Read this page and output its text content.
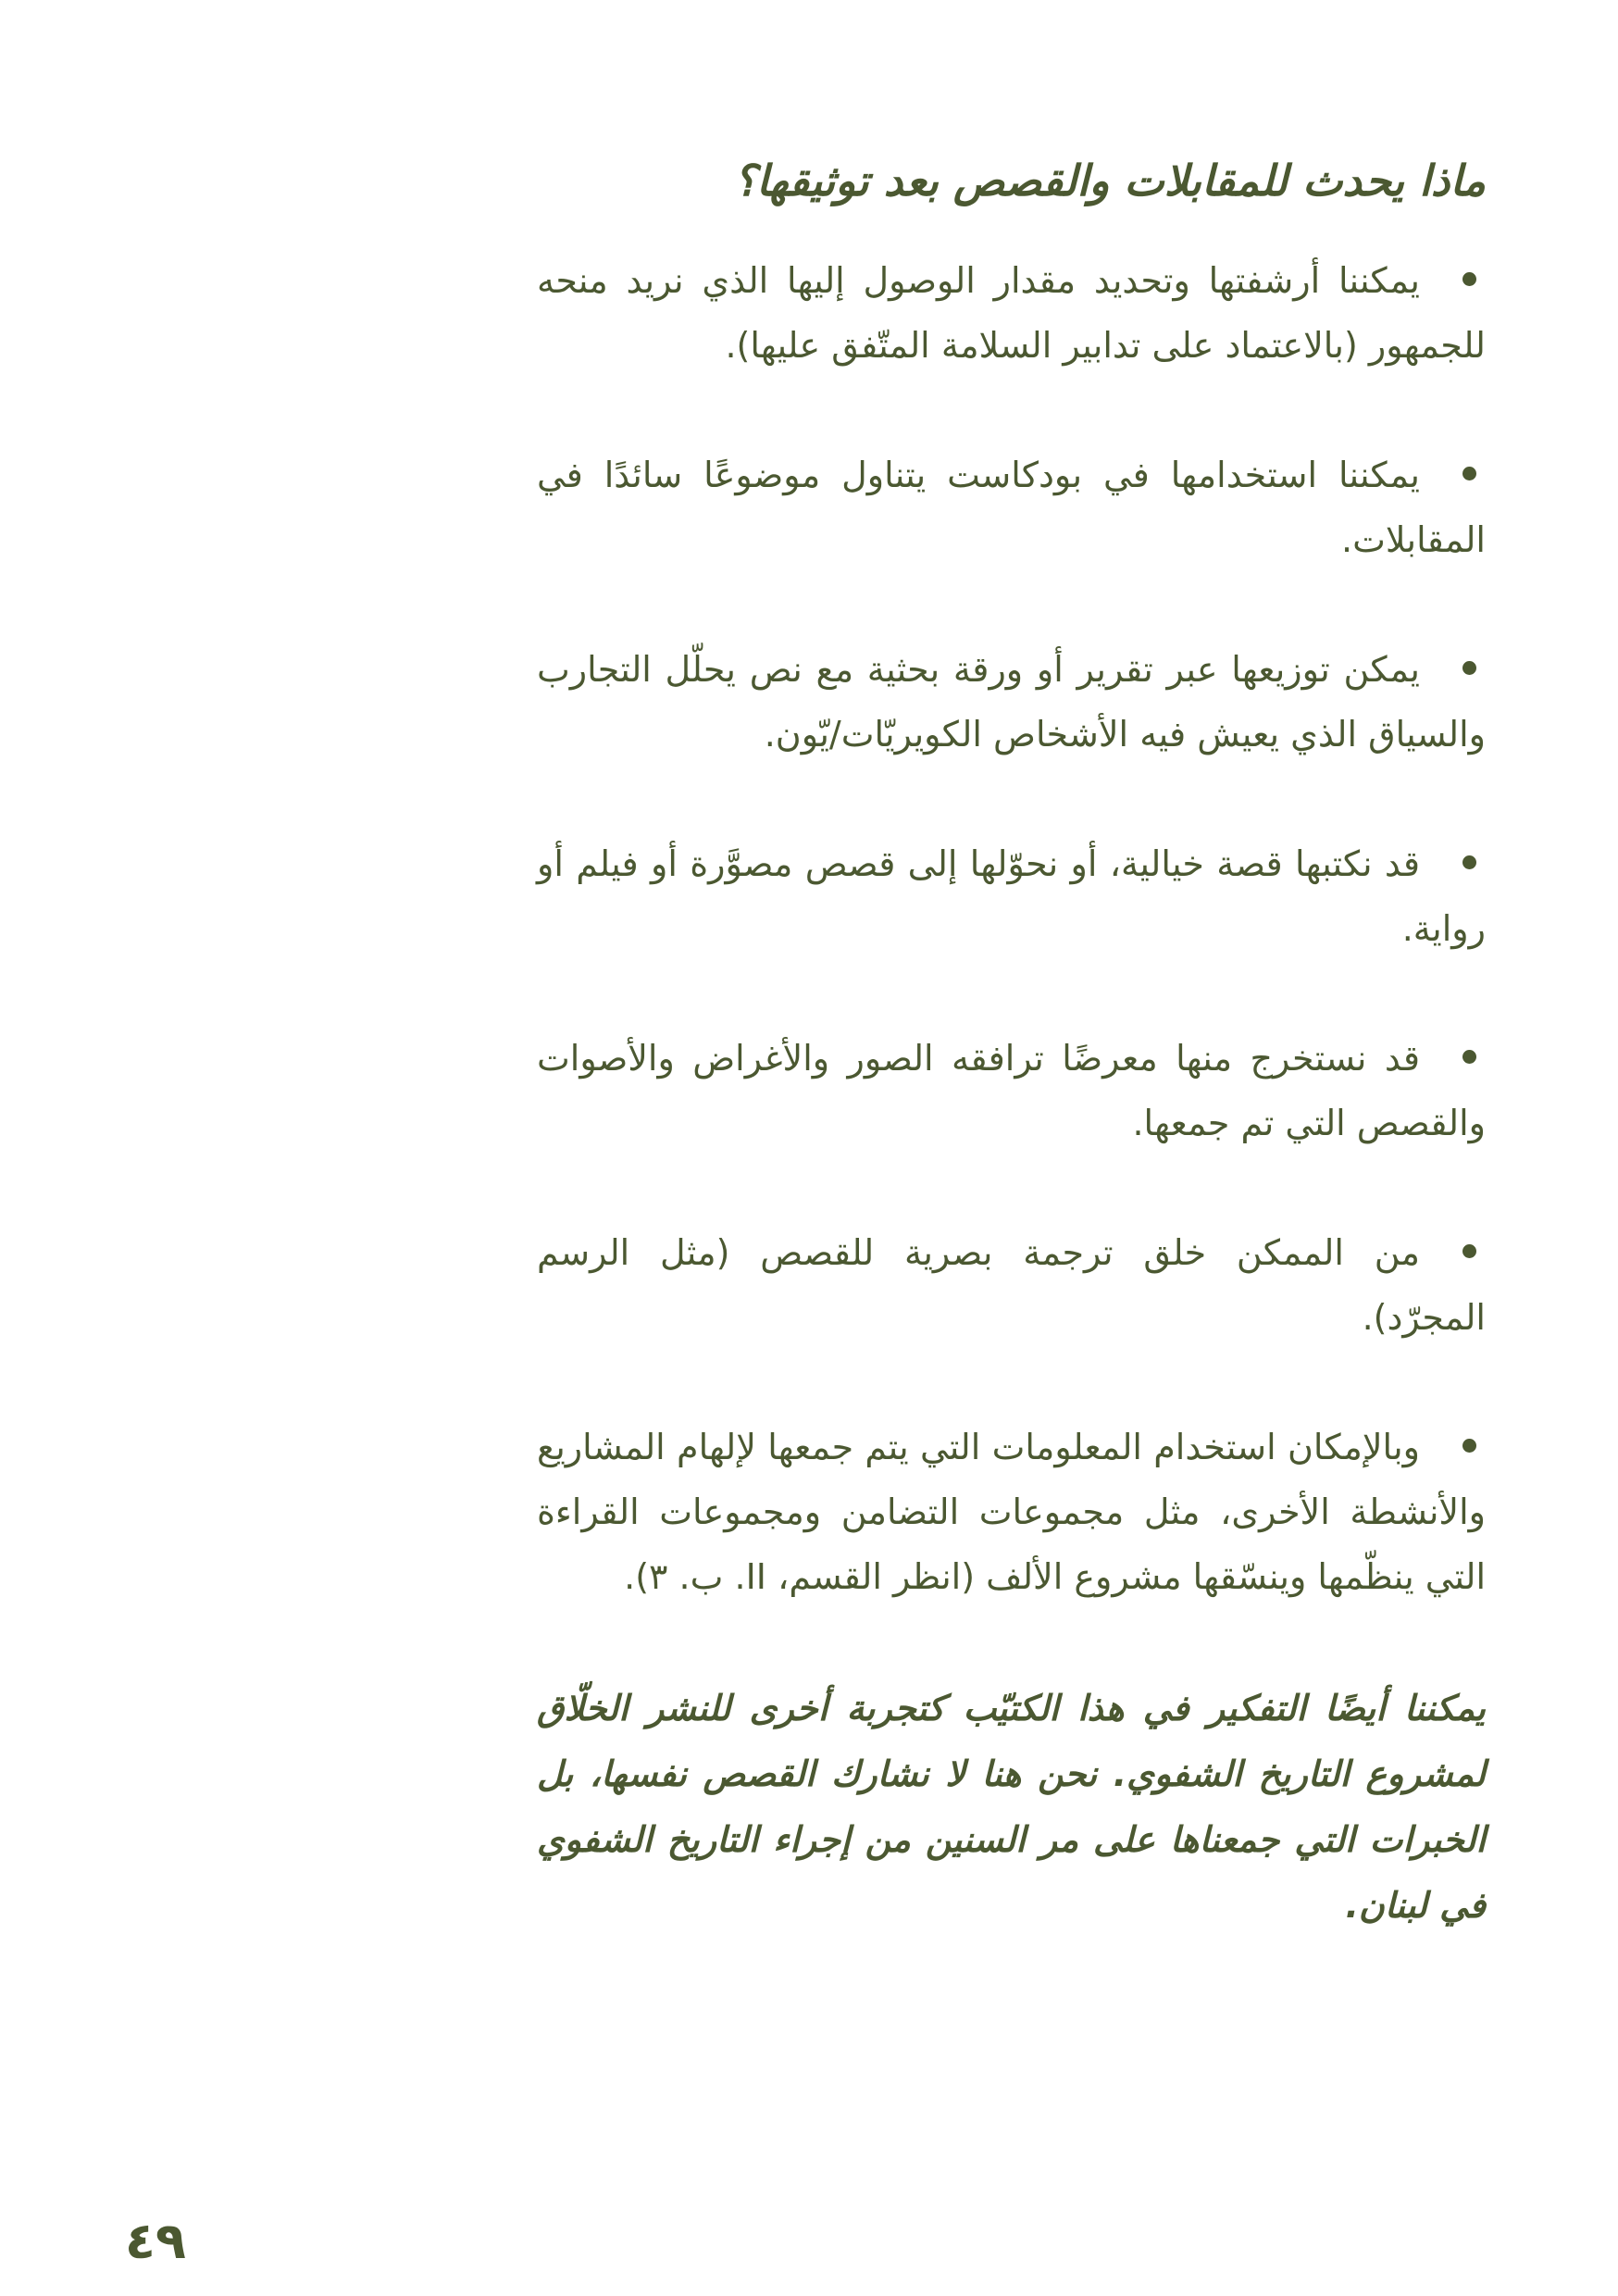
ماذا يحدث للمقابلات والقصص بعد توثيقها؟

يمكننا أرشفتها وتحديد مقدار الوصول إليها الذي نريد منحه للجمهور (بالاعتماد على تدابير السلامة المتّفق عليها).

يمكننا استخدامها في بودكاست يتناول موضوعًا سائدًا في المقابلات.

يمكن توزيعها عبر تقرير أو ورقة بحثية مع نص يحلّل التجارب والسياق الذي يعيش فيه الأشخاص الكويريّات/يّون.

قد نكتبها قصة خيالية، أو نحوّلها إلى قصص مصوَّرة أو فيلم أو رواية.

قد نستخرج منها معرضًا ترافقه الصور والأغراض والأصوات والقصص التي تم جمعها.

من الممكن خلق ترجمة بصرية للقصص (مثل الرسم المجرّد).

وبالإمكان استخدام المعلومات التي يتم جمعها لإلهام المشاريع والأنشطة الأخرى، مثل مجموعات التضامن ومجموعات القراءة التي ينظّمها وينسّقها مشروع الألف (انظر القسم، II. ب. ٣).

يمكننا أيضًا التفكير في هذا الكتيّب كتجربة أخرى للنشر الخلّاق لمشروع التاريخ الشفوي. نحن هنا لا نشارك القصص نفسها، بل الخبرات التي جمعناها على مر السنين من إجراء التاريخ الشفوي في لبنان.

٤٩
